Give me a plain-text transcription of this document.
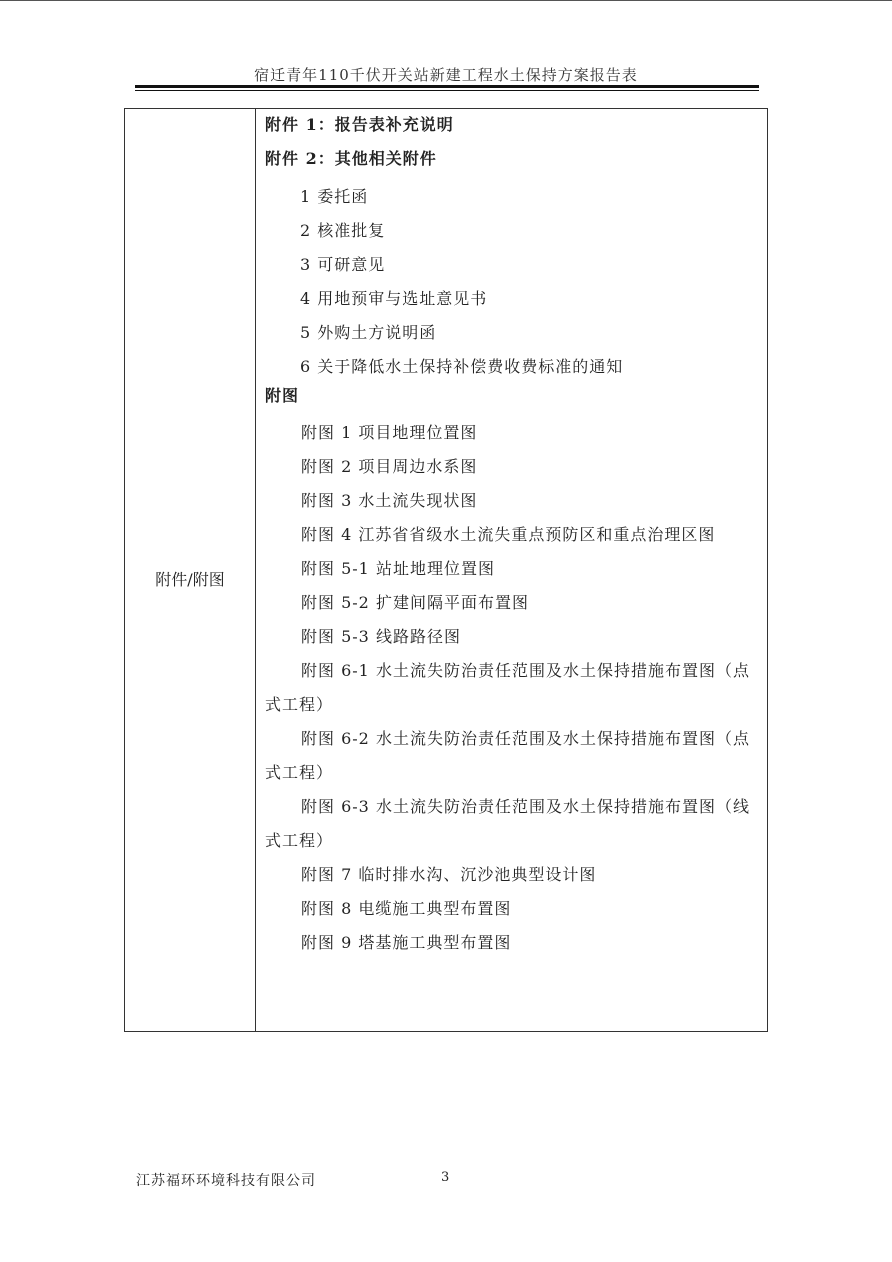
宿迁青年110千伏开关站新建工程水土保持方案报告表
附件/附图
附件 1：报告表补充说明
附件 2：其他相关附件
1 委托函
2 核准批复
3 可研意见
4 用地预审与选址意见书
5 外购土方说明函
6 关于降低水土保持补偿费收费标准的通知
附图
附图 1 项目地理位置图
附图 2 项目周边水系图
附图 3 水土流失现状图
附图 4 江苏省省级水土流失重点预防区和重点治理区图
附图 5-1 站址地理位置图
附图 5-2 扩建间隔平面布置图
附图 5-3 线路路径图
附图 6-1 水土流失防治责任范围及水土保持措施布置图（点
式工程）
附图 6-2 水土流失防治责任范围及水土保持措施布置图（点
式工程）
附图 6-3 水土流失防治责任范围及水土保持措施布置图（线
式工程）
附图 7 临时排水沟、沉沙池典型设计图
附图 8 电缆施工典型布置图
附图 9 塔基施工典型布置图
江苏福环环境科技有限公司	3
